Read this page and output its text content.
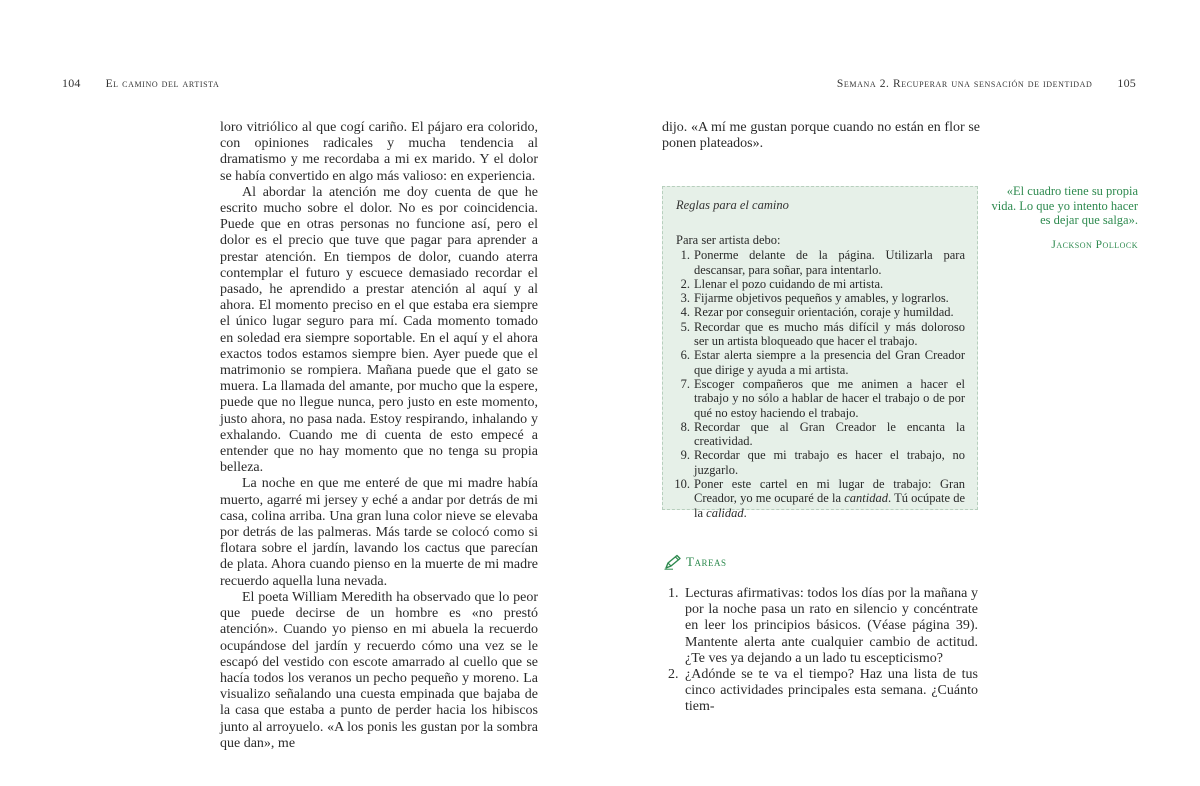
104 El camino del artista	Semana 2. Recuperar una sensación de identidad 105

loro vitriólico al que cogí cariño. El pájaro era colorido, con opiniones radicales y mucha tendencia al dramatismo y me recordaba a mi ex marido. Y el dolor se había convertido en algo más valioso: en experiencia.

Al abordar la atención me doy cuenta de que he escrito mucho sobre el dolor. No es por coincidencia. Puede que en otras personas no funcione así, pero el dolor es el precio que tuve que pagar para aprender a prestar atención. En tiempos de dolor, cuando aterra contemplar el futuro y escuece demasiado recordar el pasado, he aprendido a prestar atención al aquí y al ahora. El momento preciso en el que estaba era siempre el único lugar seguro para mí. Cada momento tomado en soledad era siempre soportable. En el aquí y el ahora exactos todos estamos siempre bien. Ayer puede que el matrimonio se rompiera. Mañana puede que el gato se muera. La llamada del amante, por mucho que la espere, puede que no llegue nunca, pero justo en este momento, justo ahora, no pasa nada. Estoy respirando, inhalando y exhalando. Cuando me di cuenta de esto empecé a entender que no hay momento que no tenga su propia belleza.

La noche en que me enteré de que mi madre había muerto, agarré mi jersey y eché a andar por detrás de mi casa, colina arriba. Una gran luna color nieve se elevaba por detrás de las palmeras. Más tarde se colocó como si flotara sobre el jardín, lavando los cactus que parecían de plata. Ahora cuando pienso en la muerte de mi madre recuerdo aquella luna nevada.

El poeta William Meredith ha observado que lo peor que puede decirse de un hombre es «no prestó atención». Cuando yo pienso en mi abuela la recuerdo ocupándose del jardín y recuerdo cómo una vez se le escapó del vestido con escote amarrado al cuello que se hacía todos los veranos un pecho pequeño y moreno. La visualizo señalando una cuesta empinada que bajaba de la casa que estaba a punto de perder hacia los hibiscos junto al arroyuelo. «A los ponis les gustan por la sombra que dan», me

dijo. «A mí me gustan porque cuando no están en flor se ponen plateados».

Reglas para el camino

Para ser artista debo:

1. Ponerme delante de la página. Utilizarla para descansar, para soñar, para intentarlo.
2. Llenar el pozo cuidando de mi artista.
3. Fijarme objetivos pequeños y amables, y lograrlos.
4. Rezar por conseguir orientación, coraje y humildad.
5. Recordar que es mucho más difícil y más doloroso ser un artista bloqueado que hacer el trabajo.
6. Estar alerta siempre a la presencia del Gran Creador que dirige y ayuda a mi artista.
7. Escoger compañeros que me animen a hacer el trabajo y no sólo a hablar de hacer el trabajo o de por qué no estoy haciendo el trabajo.
8. Recordar que al Gran Creador le encanta la creatividad.
9. Recordar que mi trabajo es hacer el trabajo, no juzgarlo.
10. Poner este cartel en mi lugar de trabajo: Gran Creador, yo me ocuparé de la cantidad. Tú ocúpate de la calidad.
Tareas
1. Lecturas afirmativas: todos los días por la mañana y por la noche pasa un rato en silencio y concéntrate en leer los principios básicos. (Véase página 39). Mantente alerta ante cualquier cambio de actitud. ¿Te ves ya dejando a un lado tu escepticismo?
2. ¿Adónde se te va el tiempo? Haz una lista de tus cinco actividades principales esta semana. ¿Cuánto tiem-
«El cuadro tiene su propia vida. Lo que yo intento hacer es dejar que salga».
Jackson Pollock
